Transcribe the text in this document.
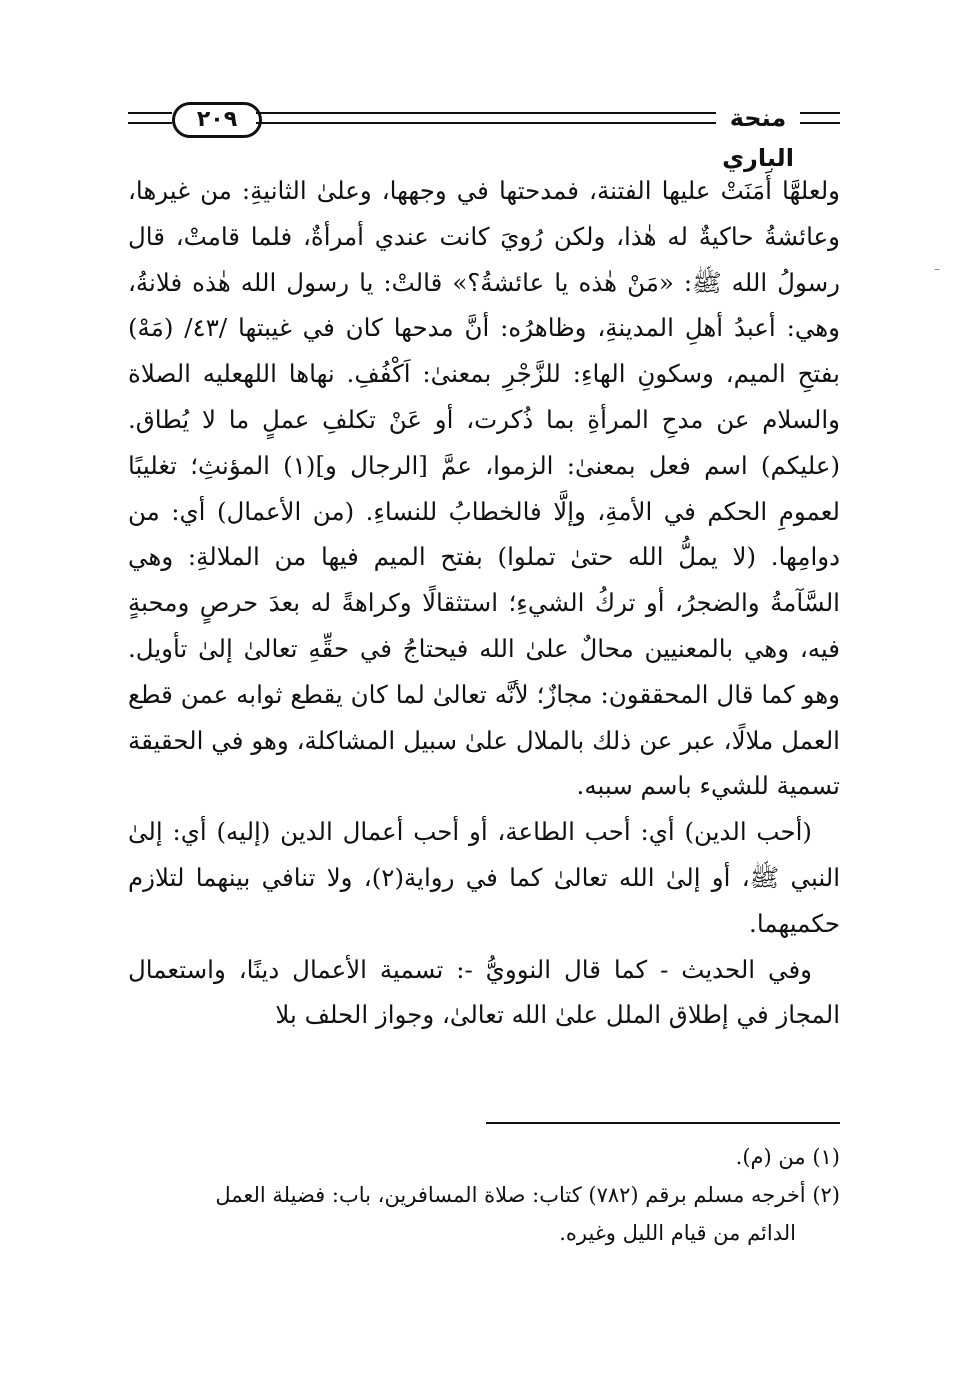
٢٠٩	منحة الباري

ولعلهَّا أَمَنَتْ عليها الفتنة، فمدحتها في وجهها، وعلىٰ الثانيةِ: من غيرها، وعائشةُ حاكيةٌ له هٰذا، ولكن رُويَ كانت عندي أمرأةٌ، فلما قامتْ، قال رسولُ الله ﷺ: «مَنْ هٰذه يا عائشةُ؟» قالتْ: يا رسول الله هٰذه فلانةُ، وهي: أعبدُ أهلِ المدينةِ، وظاهرُه: أنَّ مدحها كان في غيبتها /٤٣/ (مَهْ) بفتحِ الميم، وسكونِ الهاءِ: للزَّجْرِ بمعنىٰ: اَكْفُفِ. نهاها اللهعليه الصلاة والسلام عن مدحِ المرأةِ بما ذُكرت، أو عَنْ تكلفِ عملٍ ما لا يُطاق. (عليكم) اسم فعل بمعنىٰ: الزموا، عمَّ [الرجال و](١) المؤنثِ؛ تغليبًا لعمومِ الحكم في الأمةِ، وإلَّا فالخطابُ للنساءِ. (من الأعمال) أي: من دوامِها. (لا يملُّ الله حتىٰ تملوا) بفتح الميم فيها من الملالةِ: وهي السَّآمةُ والضجرُ، أو تركُ الشيءِ؛ استثقالًا وكراهةً له بعدَ حرصٍ ومحبةٍ فيه، وهي بالمعنيين محالٌ علىٰ الله فيحتاجُ في حقِّهِ تعالىٰ إلىٰ تأويل. وهو كما قال المحققون: مجازٌ؛ لأنَّه تعالىٰ لما كان يقطع ثوابه عمن قطع العمل ملالًا، عبر عن ذلك بالملال علىٰ سبيل المشاكلة، وهو في الحقيقة تسمية للشيء باسم سببه.

(أحب الدين) أي: أحب الطاعة، أو أحب أعمال الدين (إليه) أي: إلىٰ النبي ﷺ، أو إلىٰ الله تعالىٰ كما في رواية(٢)، ولا تنافي بينهما لتلازم حكميهما.

وفي الحديث - كما قال النوويُّ -: تسمية الأعمال دينًا، واستعمال المجاز في إطلاق الملل علىٰ الله تعالىٰ، وجواز الحلف بلا

(١) من (م).

(٢) أخرجه مسلم برقم (٧٨٢) كتاب: صلاة المسافرين، باب: فضيلة العمل

الدائم من قيام الليل وغيره.

–
